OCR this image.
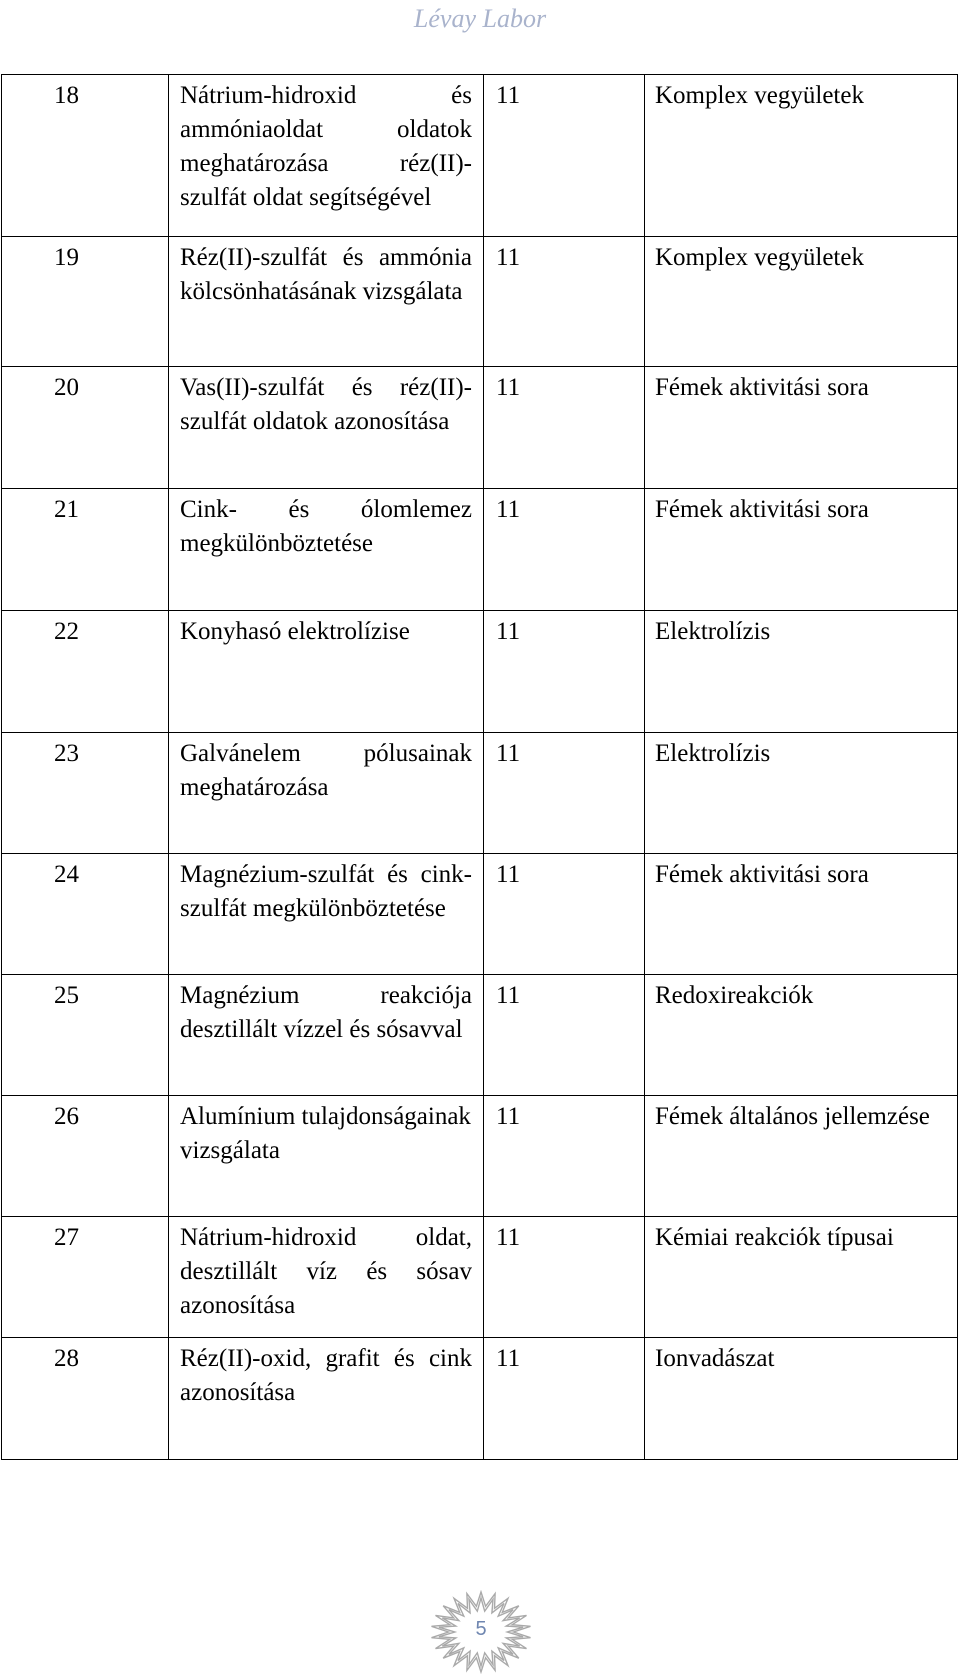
Lévay Labor
18	Nátrium-hidroxid és ammóniaoldat oldatok meghatározása réz(II)-szulfát oldat segítségével	11	Komplex vegyületek
19	Réz(II)-szulfát és ammónia kölcsönhatásának vizsgálata	11	Komplex vegyületek
20	Vas(II)-szulfát és réz(II)-szulfát oldatok azonosítása	11	Fémek aktivitási sora
21	Cink- és ólomlemez megkülönböztetése	11	Fémek aktivitási sora
22	Konyhasó elektrolízise	11	Elektrolízis
23	Galvánelem pólusainak meghatározása	11	Elektrolízis
24	Magnézium-szulfát és cink-szulfát megkülönböztetése	11	Fémek aktivitási sora
25	Magnézium reakciója desztillált vízzel és sósavval	11	Redoxireakciók
26	Alumínium tulajdonságainak vizsgálata	11	Fémek általános jellemzése
27	Nátrium-hidroxid oldat, desztillált víz és sósav azonosítása	11	Kémiai reakciók típusai
28	Réz(II)-oxid, grafit és cink azonosítása	11	Ionvadászat
5
